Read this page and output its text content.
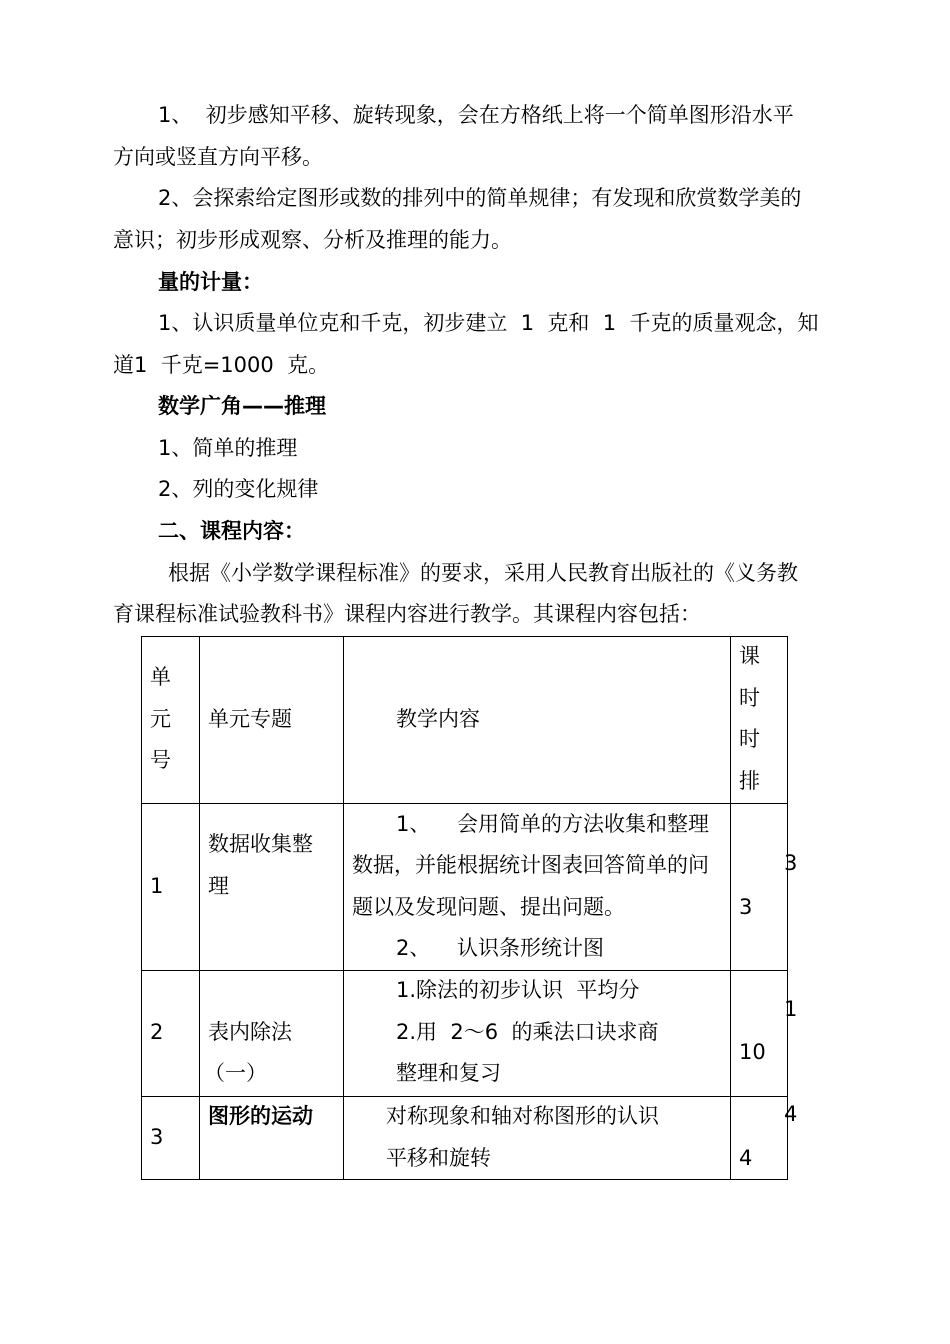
1、  初步感知平移、旋转现象，会在方格纸上将一个简单图形沿水平
方向或竖直方向平移。
2、会探索给定图形或数的排列中的简单规律；有发现和欣赏数学美的
意识；初步形成观察、分析及推理的能力。
量的计量：
1、认识质量单位克和千克，初步建立  1  克和  1  千克的质量观念，知
道1  千克=1000  克。
数学广角——推理
1、简单的推理
2、列的变化规律
二、课程内容：
根据《小学数学课程标准》的要求，采用人民教育出版社的《义务教
育课程标准试验教科书》课程内容进行教学。其课程内容包括：
单
元
号	单元专题	教学内容	课
时
时
排

1	数据收集整
理	1、    会用简单的方法收集和整理
数据，并能根据统计图表回答简单的问
题以及发现问题、提出问题。
2、    认识条形统计图	3

2	表内除法
（一）	1.除法的初步认识  平均分
2.用  2～6  的乘法口诀求商
整理和复习	10

3	图形的运动	对称现象和轴对称图形的认识
平移和旋转	4
3
1
4
